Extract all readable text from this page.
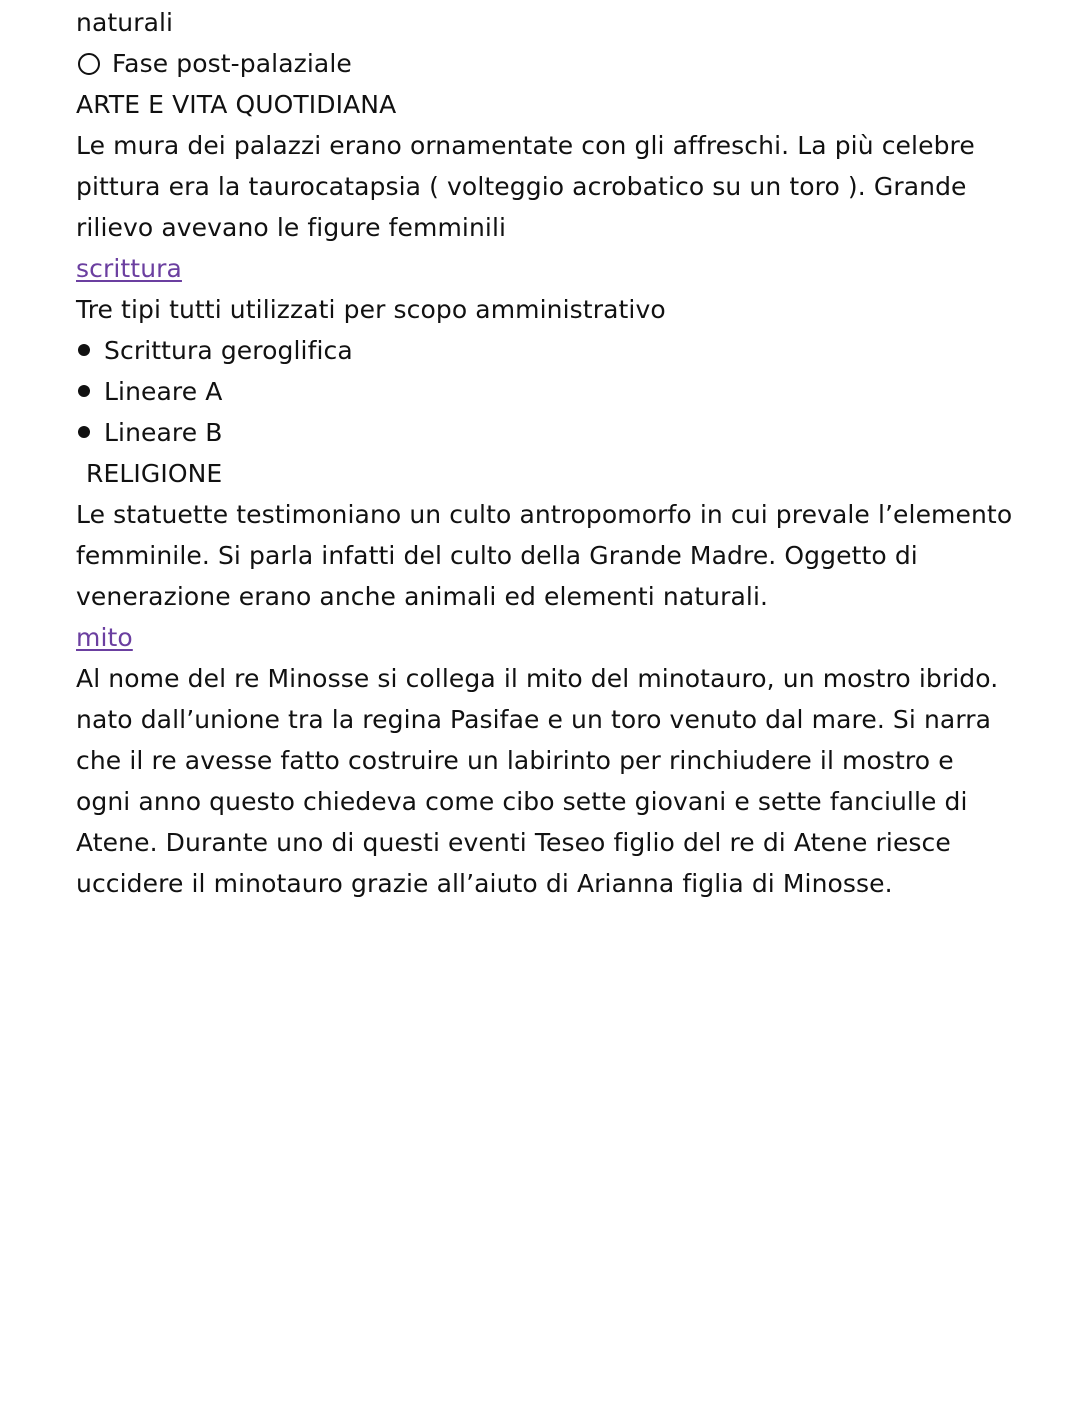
naturali
Fase post-palaziale
ARTE E VITA QUOTIDIANA
Le mura dei palazzi erano ornamentate con gli affreschi. La più celebre
pittura era la taurocatapsia ( volteggio acrobatico su un toro ). Grande
rilievo avevano le figure femminili
scrittura
Tre tipi tutti utilizzati per scopo amministrativo
Scrittura geroglifica
Lineare A
Lineare B
RELIGIONE
Le statuette testimoniano un culto antropomorfo in cui prevale l’elemento
femminile. Si parla infatti del culto della Grande Madre. Oggetto di
venerazione erano anche animali ed elementi naturali.
mito
Al nome del re Minosse si collega il mito del minotauro, un mostro ibrido.
nato dall’unione tra la regina Pasifae e un toro venuto dal mare. Si narra
che il re avesse fatto costruire un labirinto per rinchiudere il mostro e
ogni anno questo chiedeva come cibo sette giovani e sette fanciulle di
Atene. Durante uno di questi eventi Teseo figlio del re di Atene riesce
uccidere il minotauro grazie all’aiuto di Arianna figlia di Minosse.
